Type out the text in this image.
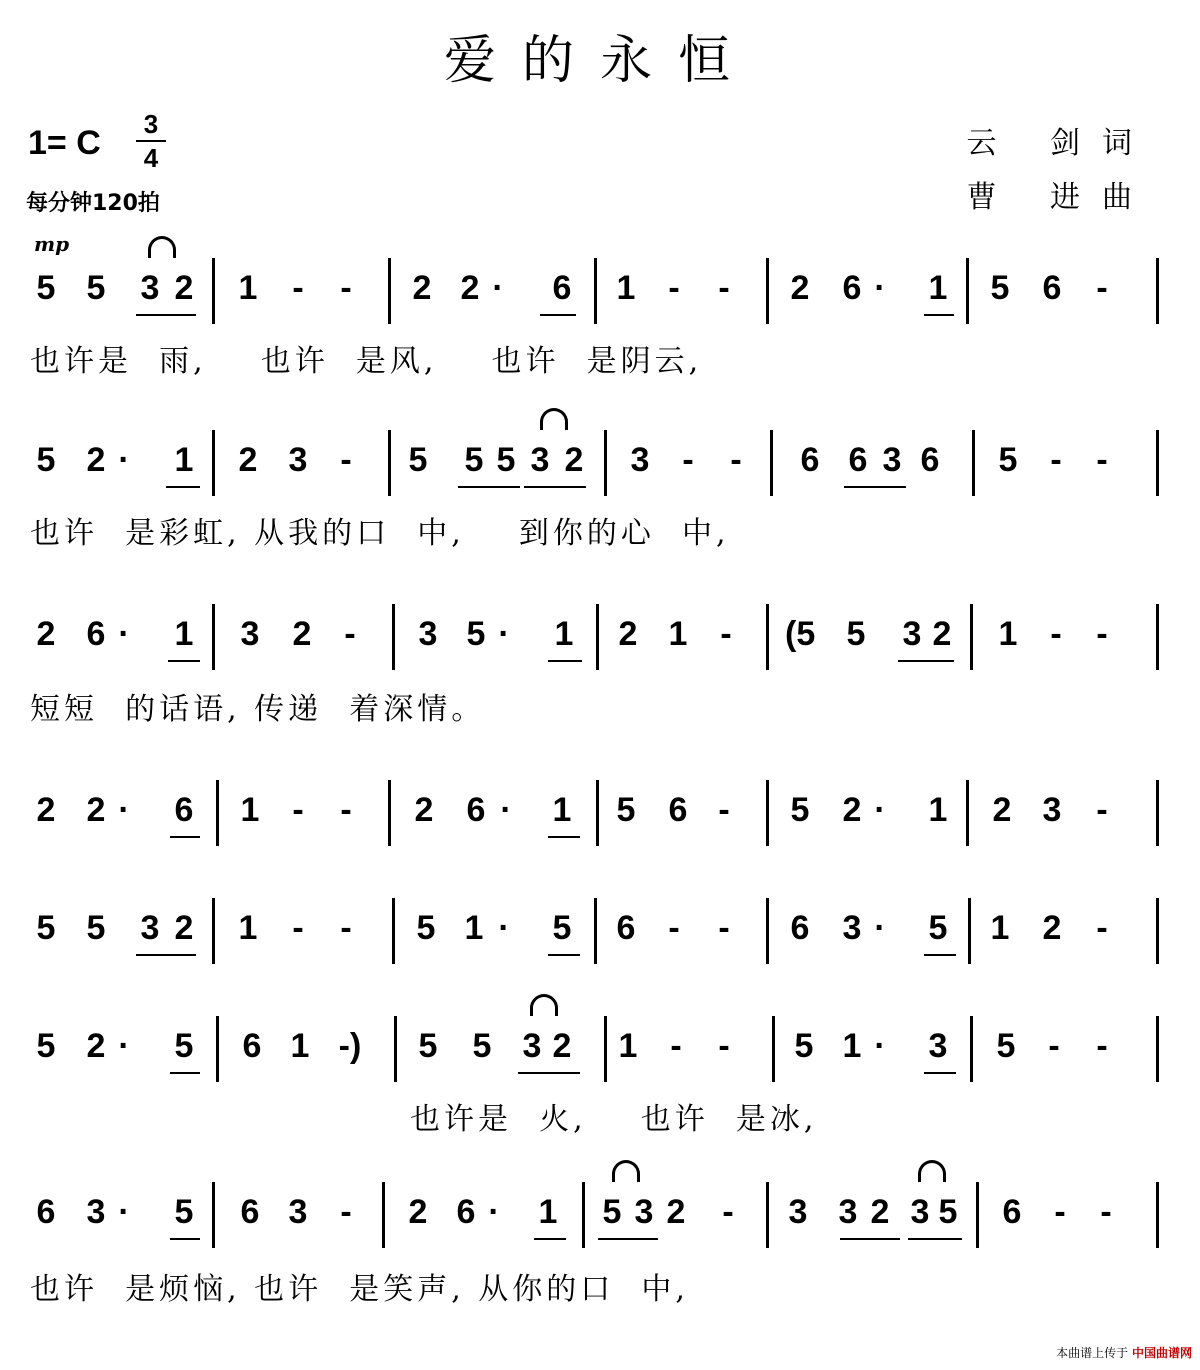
爱的永恒
1= C 3
4
每分钟120拍
云 剑词
曹 进曲
mp
5 5 3 2 1 - - 2 2 · 6 1 - - 2 6 · 1 5 6 -
也许是  雨,    也许  是风,    也许  是阴云,
5 2 · 1 2 3 - 5 5 5 3 2 3 - - 6 6 3 6 5 - -
也许  是彩虹, 从我的口  中,    到你的心  中,
2 6 · 1 3 2 - 3 5 · 1 2 1 - (5 5 3 2 1 - -
短短  的话语, 传递  着深情。
2 2 · 6 1 - - 2 6 · 1 5 6 - 5 2 · 1 2 3 -
5 5 3 2 1 - - 5 1 · 5 6 - - 6 3 · 5 1 2 -
5 2 · 5 6 1 -) 5 5 3 2 1 - - 5 1 · 3 5 - -
也许是  火,    也许  是冰,
6 3 · 5 6 3 - 2 6 · 1 5 3 2 - 3 3 2 3 5 6 - -
也许  是烦恼, 也许  是笑声, 从你的口  中,
本曲谱上传于 中国曲谱网
